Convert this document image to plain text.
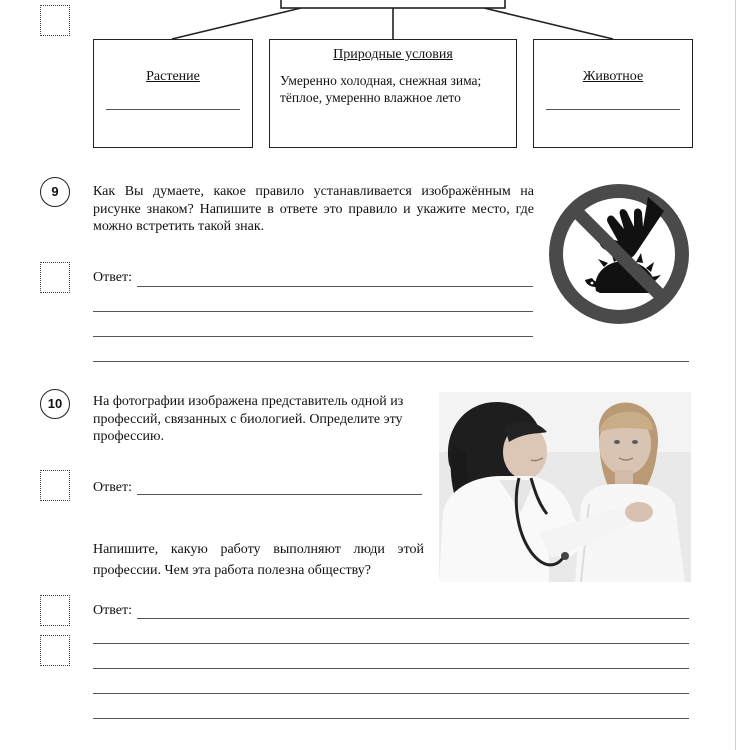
Растение
Природные условия
Умеренно холодная, снежная зима; тёплое, умеренно влажное лето
Животное
9	Как Вы думаете, какое правило устанавливается изображённым на рисунке знаком? Напишите в ответе это правило и укажите место, где можно встретить такой знак.
Ответ:
10	На фотографии изображена представитель одной из профессий, связанных с биологией. Определите эту профессию.
Ответ:
Напишите, какую работу выполняют люди этой профессии. Чем эта работа полезна обществу?
Ответ:
